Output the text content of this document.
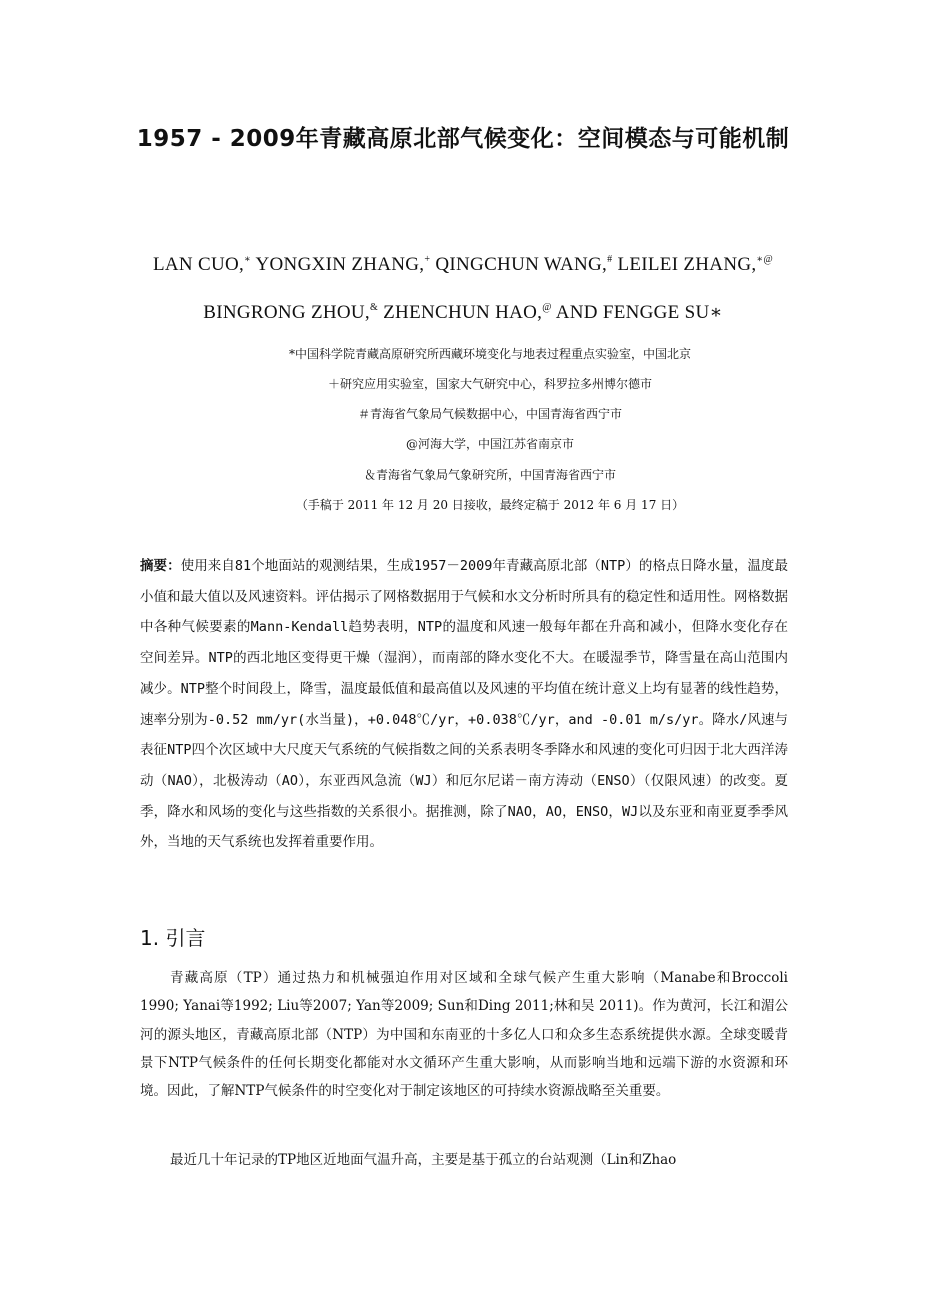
1957 - 2009年青藏高原北部气候变化：空间模态与可能机制
LAN CUO,∗ YONGXIN ZHANG,+ QINGCHUN WANG,# LEILEI ZHANG,∗@
BINGRONG ZHOU,& ZHENCHUN HAO,@ AND FENGGE SU∗
*中国科学院青藏高原研究所西藏环境变化与地表过程重点实验室，中国北京
＋研究应用实验室，国家大气研究中心，科罗拉多州博尔德市
＃青海省气象局气候数据中心，中国青海省西宁市
@河海大学，中国江苏省南京市
＆青海省气象局气象研究所，中国青海省西宁市
（手稿于 2011 年 12 月 20 日接收，最终定稿于 2012 年 6 月 17 日）
摘要：使用来自81个地面站的观测结果，生成1957－2009年青藏高原北部（NTP）的格点日降水量，温度最小值和最大值以及风速资料。评估揭示了网格数据用于气候和水文分析时所具有的稳定性和适用性。网格数据中各种气候要素的Mann-Kendall趋势表明，NTP的温度和风速一般每年都在升高和减小，但降水变化存在空间差异。NTP的西北地区变得更干燥（湿润），而南部的降水变化不大。在暖湿季节，降雪量在高山范围内减少。NTP整个时间段上，降雪，温度最低值和最高值以及风速的平均值在统计意义上均有显著的线性趋势，速率分别为-0.52 mm/yr(水当量)，+0.048℃/yr，+0.038℃/yr，and -0.01 m/s/yr。降水/风速与表征NTP四个次区域中大尺度天气系统的气候指数之间的关系表明冬季降水和风速的变化可归因于北大西洋涛动（NAO），北极涛动（AO），东亚西风急流（WJ）和厄尔尼诺－南方涛动（ENSO）（仅限风速）的改变。夏季，降水和风场的变化与这些指数的关系很小。据推测，除了NAO，AO，ENSO，WJ以及东亚和南亚夏季季风外，当地的天气系统也发挥着重要作用。
1. 引言

青藏高原（TP）通过热力和机械强迫作用对区域和全球气候产生重大影响（Manabe和Broccoli 1990; Yanai等1992; Liu等2007; Yan等2009; Sun和Ding 2011;林和吴 2011)。作为黄河，长江和湄公河的源头地区，青藏高原北部（NTP）为中国和东南亚的十多亿人口和众多生态系统提供水源。全球变暖背景下NTP气候条件的任何长期变化都能对水文循环产生重大影响，从而影响当地和远端下游的水资源和环境。因此，了解NTP气候条件的时空变化对于制定该地区的可持续水资源战略至关重要。

最近几十年记录的TP地区近地面气温升高，主要是基于孤立的台站观测（Lin和Zhao
